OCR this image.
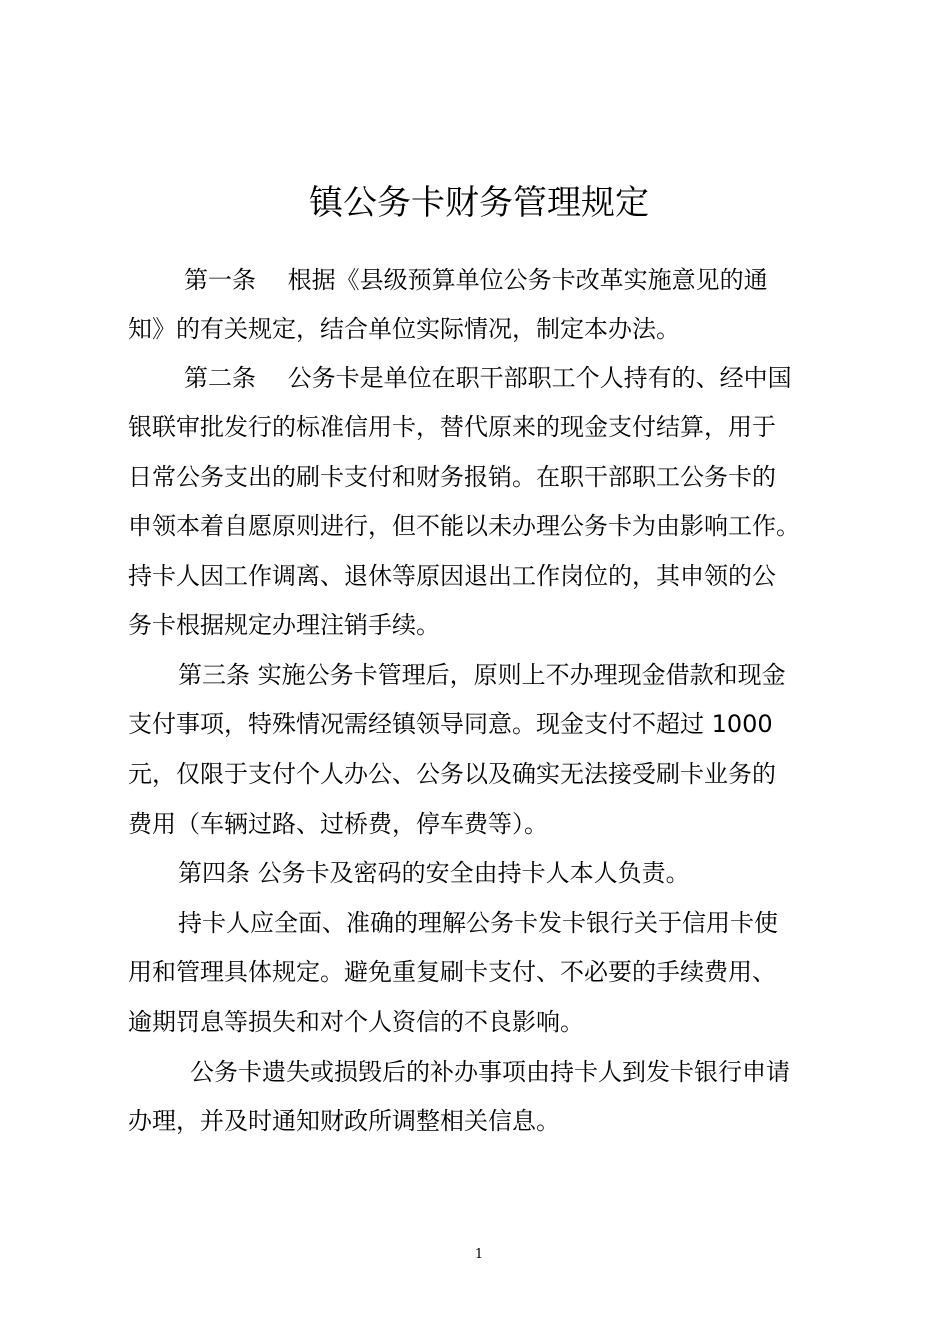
镇公务卡财务管理规定
第一条　 根据《县级预算单位公务卡改革实施意见的通
知》的有关规定，结合单位实际情况，制定本办法。
第二条　 公务卡是单位在职干部职工个人持有的、经中国
银联审批发行的标准信用卡，替代原来的现金支付结算，用于
日常公务支出的刷卡支付和财务报销。在职干部职工公务卡的
申领本着自愿原则进行，但不能以未办理公务卡为由影响工作。
持卡人因工作调离、退休等原因退出工作岗位的，其申领的公
务卡根据规定办理注销手续。
第三条 实施公务卡管理后，原则上不办理现金借款和现金
支付事项，特殊情况需经镇领导同意。现金支付不超过 1000
元，仅限于支付个人办公、公务以及确实无法接受刷卡业务的
费用（车辆过路、过桥费，停车费等）。
第四条 公务卡及密码的安全由持卡人本人负责。
持卡人应全面、准确的理解公务卡发卡银行关于信用卡使
用和管理具体规定。避免重复刷卡支付、不必要的手续费用、
逾期罚息等损失和对个人资信的不良影响。
公务卡遗失或损毁后的补办事项由持卡人到发卡银行申请
办理，并及时通知财政所调整相关信息。
1
